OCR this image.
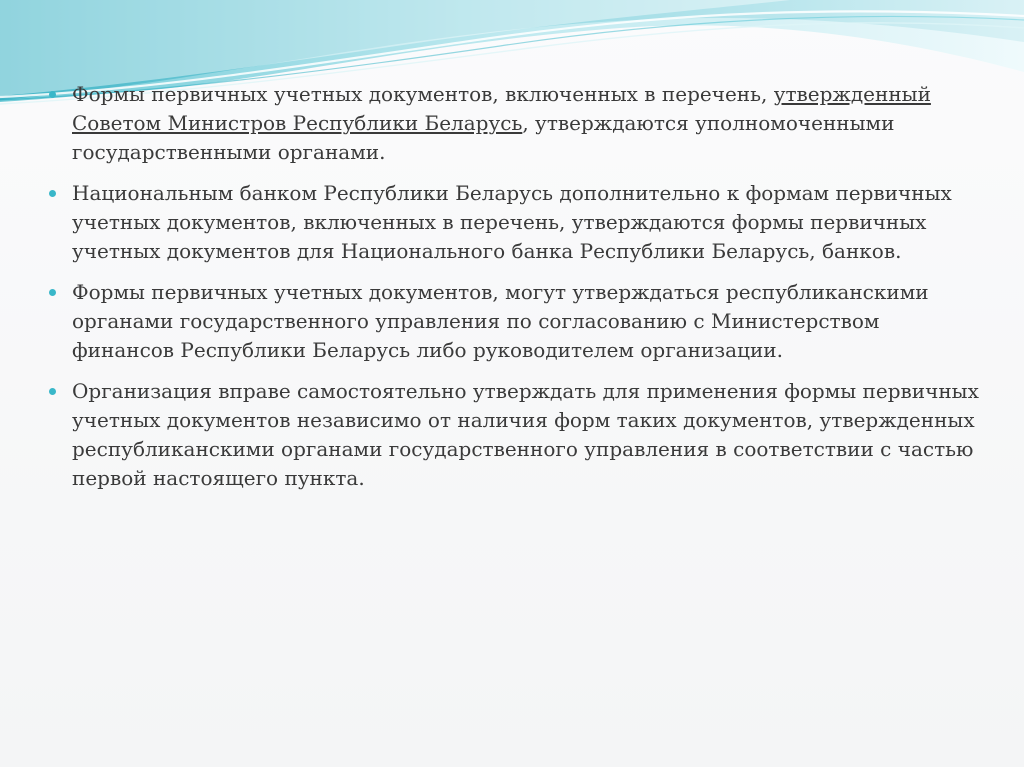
Формы первичных учетных документов, включенных в перечень, утвержденный Советом Министров Республики Беларусь, утверждаются уполномоченными государственными органами.
Национальным банком Республики Беларусь дополнительно к формам первичных учетных документов, включенных в перечень, утверждаются формы первичных учетных документов для Национального банка Республики Беларусь, банков.
Формы первичных учетных документов, могут утверждаться республиканскими органами государственного управления по согласованию с Министерством финансов Республики Беларусь либо руководителем организации.
Организация вправе самостоятельно утверждать для применения формы первичных учетных документов независимо от наличия форм таких документов, утвержденных республиканскими органами государственного управления в соответствии с частью первой настоящего пункта.
